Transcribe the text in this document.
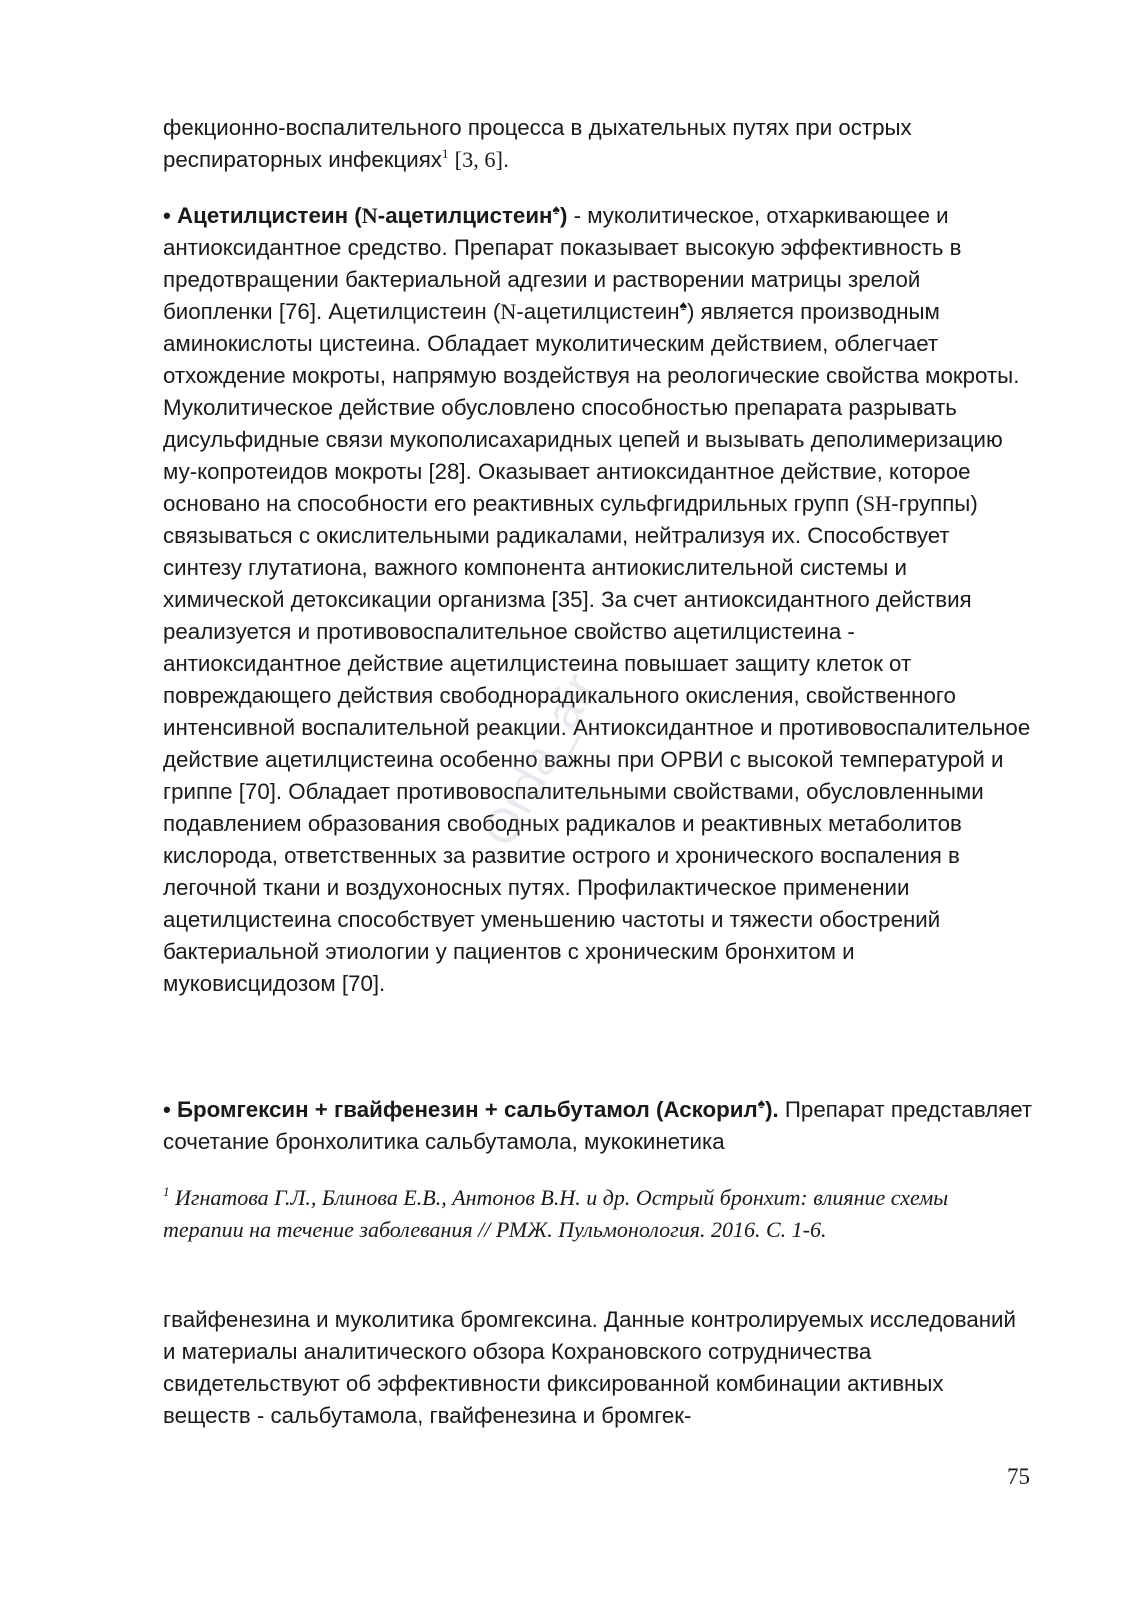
фекционно-воспалительного процесса в дыхательных путях при острых респираторных инфекциях$^1$ [3, 6].

• Ацетилцистеин (N-ацетилцистеин♠) - муколитическое, отхаркивающее и антиоксидантное средство. Препарат показывает высокую эффективность в предотвращении бактериальной адгезии и растворении матрицы зрелой биопленки [76]. Ацетилцистеин (N-ацетилцистеин♠) является производным аминокислоты цистеина. Обладает муколитическим действием, облегчает отхождение мокроты, напрямую воздействуя на реологические свойства мокроты. Муколитическое действие обусловлено способностью препарата разрывать дисульфидные связи мукополисахаридных цепей и вызывать деполимеризацию му-копротеидов мокроты [28]. Оказывает антиоксидантное действие, которое основано на способности его реактивных сульфгидрильных групп (SH-группы) связываться с окислительными радикалами, нейтрализуя их. Способствует синтезу глутатиона, важного компонента антиокислительной системы и химической детоксикации организма [35]. За счет антиоксидантного действия реализуется и противовоспалительное свойство ацетилцистеина - антиоксидантное действие ацетилцистеина повышает защиту клеток от повреждающего действия свободнорадикального окисления, свойственного интенсивной воспалительной реакции. Антиоксидантное и противовоспалительное действие ацетилцистеина особенно важны при ОРВИ с высокой температурой и гриппе [70]. Обладает противовоспалительными свойствами, обусловленными подавлением образования свободных радикалов и реактивных метаболитов кислорода, ответственных за развитие острого и хронического воспаления в легочной ткани и воздухоносных путях. Профилактическое применении ацетилцистеина способствует уменьшению частоты и тяжести обострений бактериальной этиологии у пациентов с хроническим бронхитом и муковисцидозом [70].

• Бромгексин + гвайфенезин + сальбутамол (Аскорил♠). Препарат представляет сочетание бронхолитика сальбутамола, мукокинетика

$^1$ Игнатова Г.Л., Блинова Е.В., Антонов В.Н. и др. Острый бронхит: влияние схемы терапии на течение заболевания // РМЖ. Пульмонология. 2016. С. 1-6.

гвайфенезина и муколитика бромгексина. Данные контролируемых исследований и материалы аналитического обзора Кохрановского сотрудничества свидетельствуют об эффективности фиксированной комбинации активных веществ - сальбутамола, гвайфенезина и бромгек-

75
Orda_air
